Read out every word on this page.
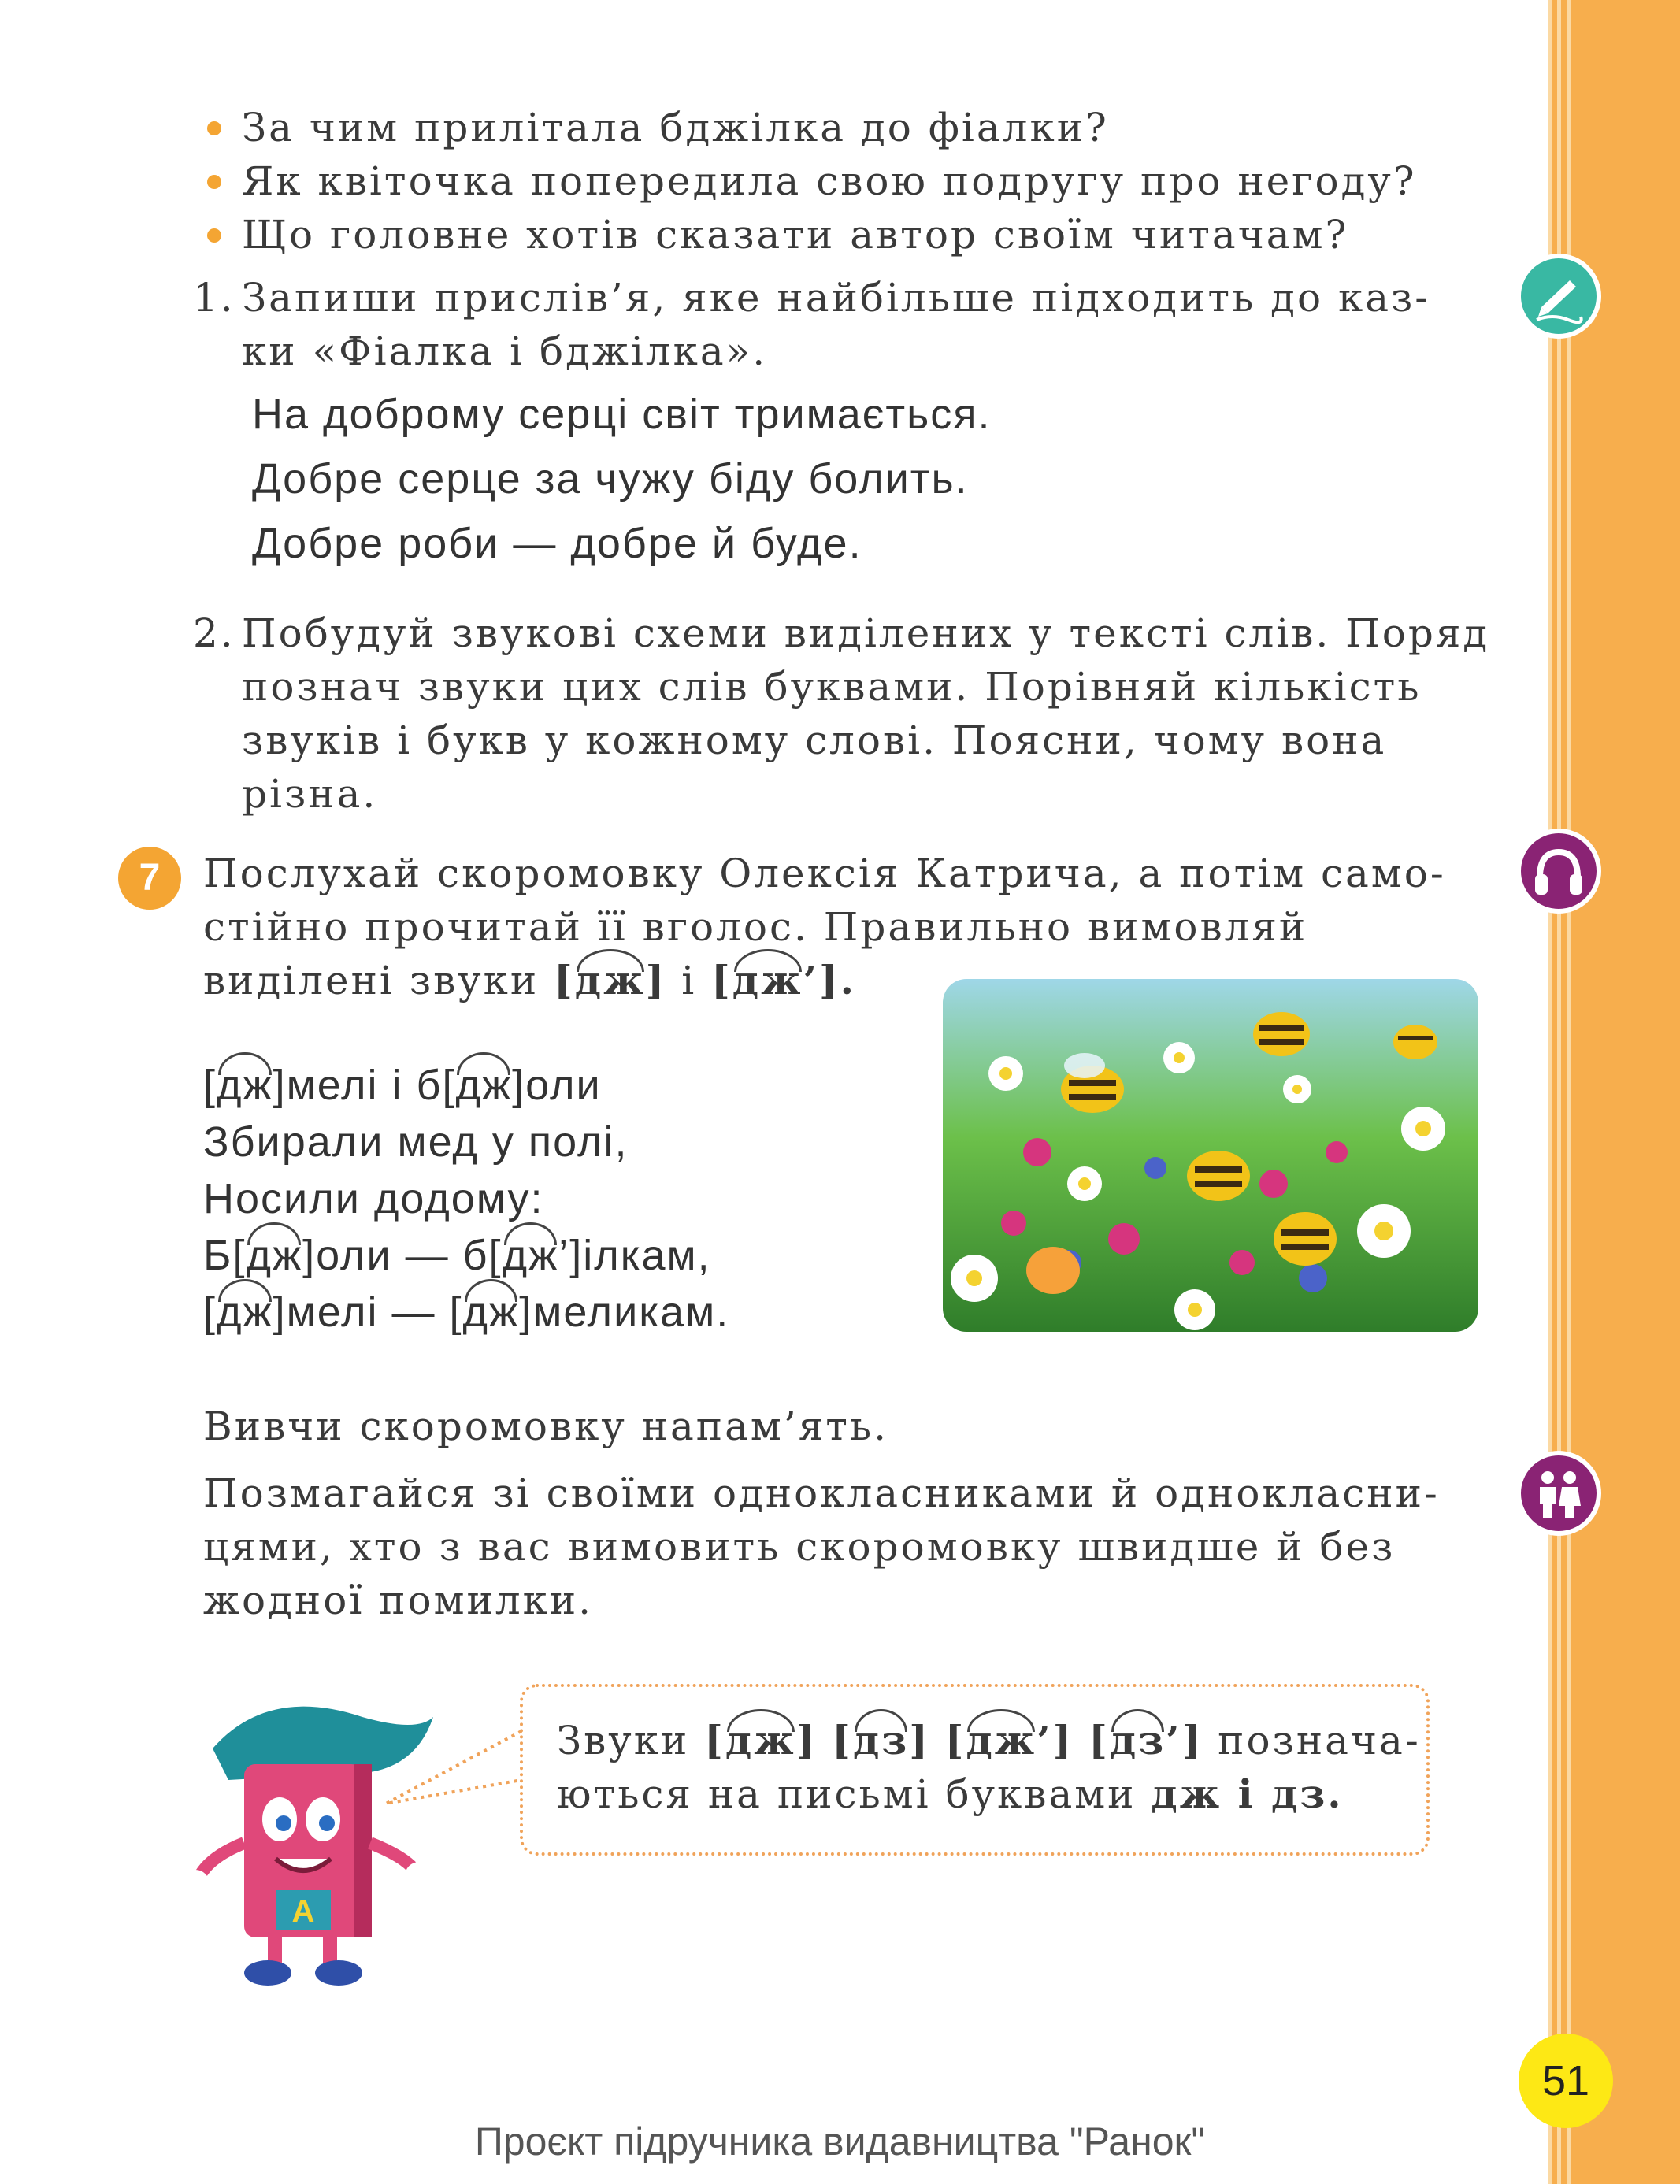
За чим прилітала бджілка до фіалки?
Як квіточка попередила свою подругу про негоду?
Що головне хотів сказати автор своїм читачам?
1. Запиши прислів’я, яке найбільше підходить до каз-
ки «Фіалка і бджілка».
На доброму серці світ тримається.
Добре серце за чужу біду болить.
Добре роби — добре й буде.
2. Побудуй звукові схеми виділених у тексті слів. Поряд
познач звуки цих слів буквами. Порівняй кількість
звуків і букв у кожному слові. Поясни, чому вона
різна.
7	Послухай скоромовку Олексія Катрича, а потім само-
стійно прочитай її вголос. Правильно вимовляй
виділені звуки [дж] і [дж’].
[дж]мелі і б[дж]оли
Збирали мед у полі,
Носили додому:
Б[дж]оли — б[дж’]ілкам,
[дж]мелі — [дж]меликам.
Вивчи скоромовку напам’ять.
Позмагайся зі своїми однокласниками й однокласни-
цями, хто з вас вимовить скоромовку швидше й без
жодної помилки.
А
Звуки [дж] [дз] [дж’] [дз’] познача-
ються на письмі буквами дж і дз.
51
Проєкт підручника видавництва "Ранок"
